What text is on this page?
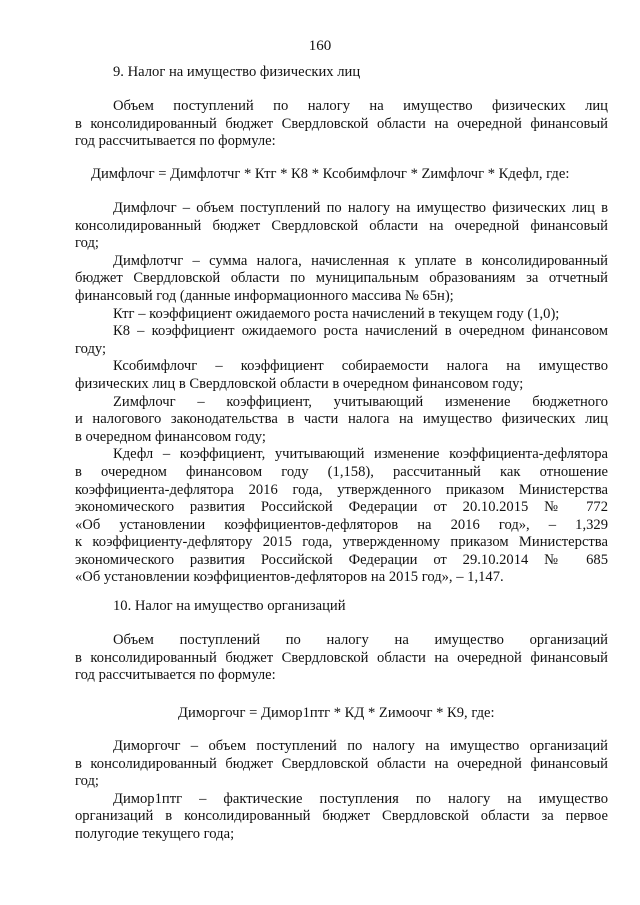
160
9. Налог на имущество физических лиц
Объем поступлений по налогу на имущество физических лиц
в консолидированный бюджет Свердловской области на очередной финансовый
год рассчитывается по формуле:
Димфлочг = Димфлотчг * Ктг * К8 * Ксобимфлочг * Zимфлочг * Кдефл, где:
Димфлочг – объем поступлений по налогу на имущество физических лиц в
консолидированный бюджет Свердловской области на очередной финансовый
год;
Димфлотчг – сумма налога, начисленная к уплате в консолидированный
бюджет Свердловской области по муниципальным образованиям за отчетный
финансовый год (данные информационного массива № 65н);
Ктг – коэффициент ожидаемого роста начислений в текущем году (1,0);
К8 – коэффициент ожидаемого роста начислений в очередном финансовом
году;
Ксобимфлочг – коэффициент собираемости налога на имущество
физических лиц в Свердловской области в очередном финансовом году;
Zимфлочг – коэффициент, учитывающий изменение бюджетного
и налогового законодательства в части налога на имущество физических лиц
в очередном финансовом году;
Кдефл – коэффициент, учитывающий изменение коэффициента-дефлятора
в очередном финансовом году (1,158), рассчитанный как отношение
коэффициента-дефлятора 2016 года, утвержденного приказом Министерства
экономического развития Российской Федерации от 20.10.2015 № 772
«Об установлении коэффициентов-дефляторов на 2016 год», – 1,329
к коэффициенту-дефлятору 2015 года, утвержденному приказом Министерства
экономического развития Российской Федерации от 29.10.2014 № 685
«Об установлении коэффициентов-дефляторов на 2015 год», – 1,147.
10. Налог на имущество организаций
Объем поступлений по налогу на имущество организаций
в консолидированный бюджет Свердловской области на очередной финансовый
год рассчитывается по формуле:
Диморгочг = Димор1птг * КД * Zимоочг * К9, где:
Диморгочг – объем поступлений по налогу на имущество организаций
в консолидированный бюджет Свердловской области на очередной финансовый
год;
Димор1птг – фактические поступления по налогу на имущество
организаций в консолидированный бюджет Свердловской области за первое
полугодие текущего года;
